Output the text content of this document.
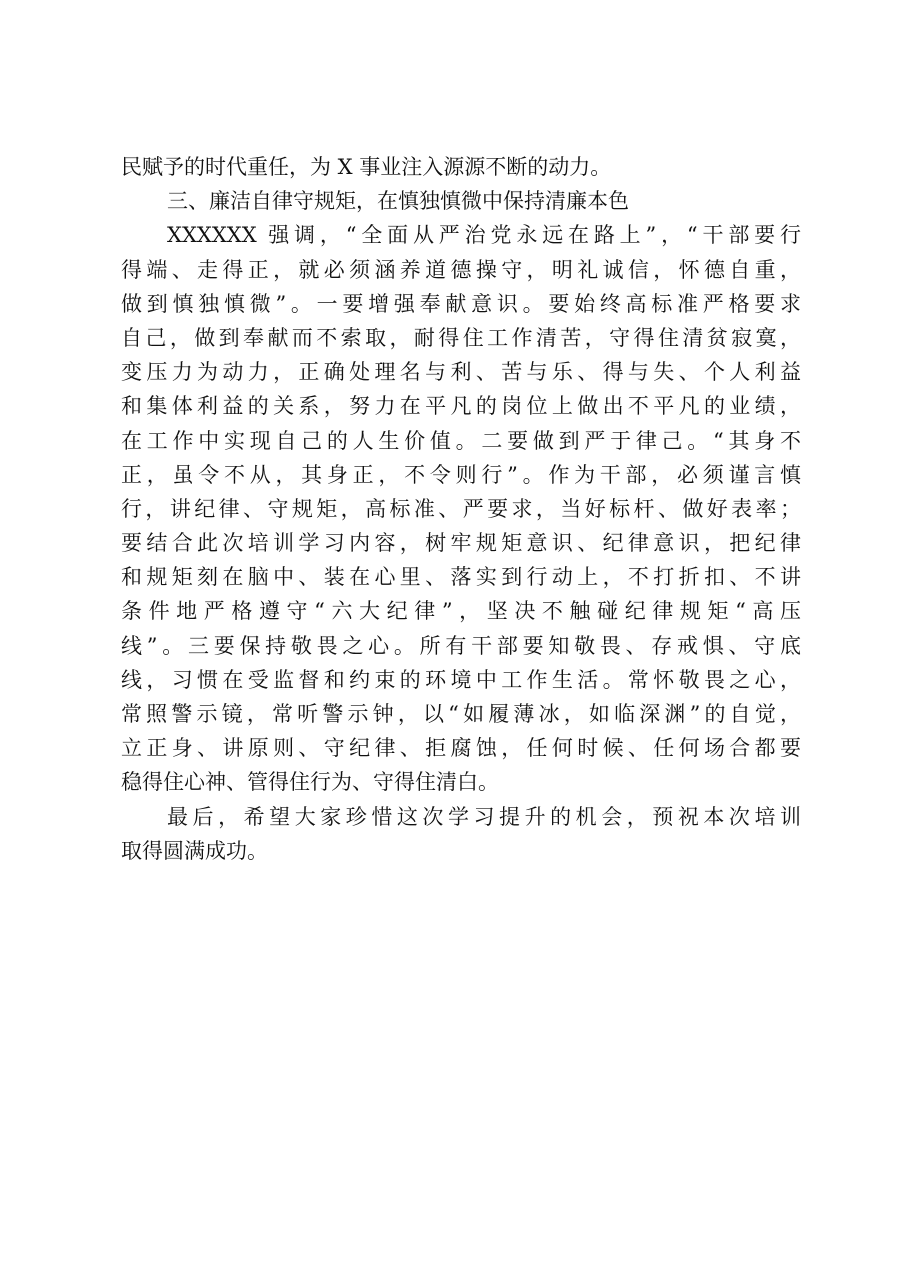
民赋予的时代重任，为 X 事业注入源源不断的动力。
三、廉洁自律守规矩，在慎独慎微中保持清廉本色
XXXXXX 强调，“全面从严治党永远在路上”，“干部要行
得端、走得正，就必须涵养道德操守，明礼诚信，怀德自重，
做到慎独慎微”。一要增强奉献意识。要始终高标准严格要求
自己，做到奉献而不索取，耐得住工作清苦，守得住清贫寂寞，
变压力为动力，正确处理名与利、苦与乐、得与失、个人利益
和集体利益的关系，努力在平凡的岗位上做出不平凡的业绩，
在工作中实现自己的人生价值。二要做到严于律己。“其身不
正，虽令不从，其身正，不令则行”。作为干部，必须谨言慎
行，讲纪律、守规矩，高标准、严要求，当好标杆、做好表率；
要结合此次培训学习内容，树牢规矩意识、纪律意识，把纪律
和规矩刻在脑中、装在心里、落实到行动上，不打折扣、不讲
条件地严格遵守“六大纪律”，坚决不触碰纪律规矩“高压
线”。三要保持敬畏之心。所有干部要知敬畏、存戒惧、守底
线，习惯在受监督和约束的环境中工作生活。常怀敬畏之心，
常照警示镜，常听警示钟，以“如履薄冰，如临深渊”的自觉，
立正身、讲原则、守纪律、拒腐蚀，任何时候、任何场合都要
稳得住心神、管得住行为、守得住清白。
最后，希望大家珍惜这次学习提升的机会，预祝本次培训
取得圆满成功。
